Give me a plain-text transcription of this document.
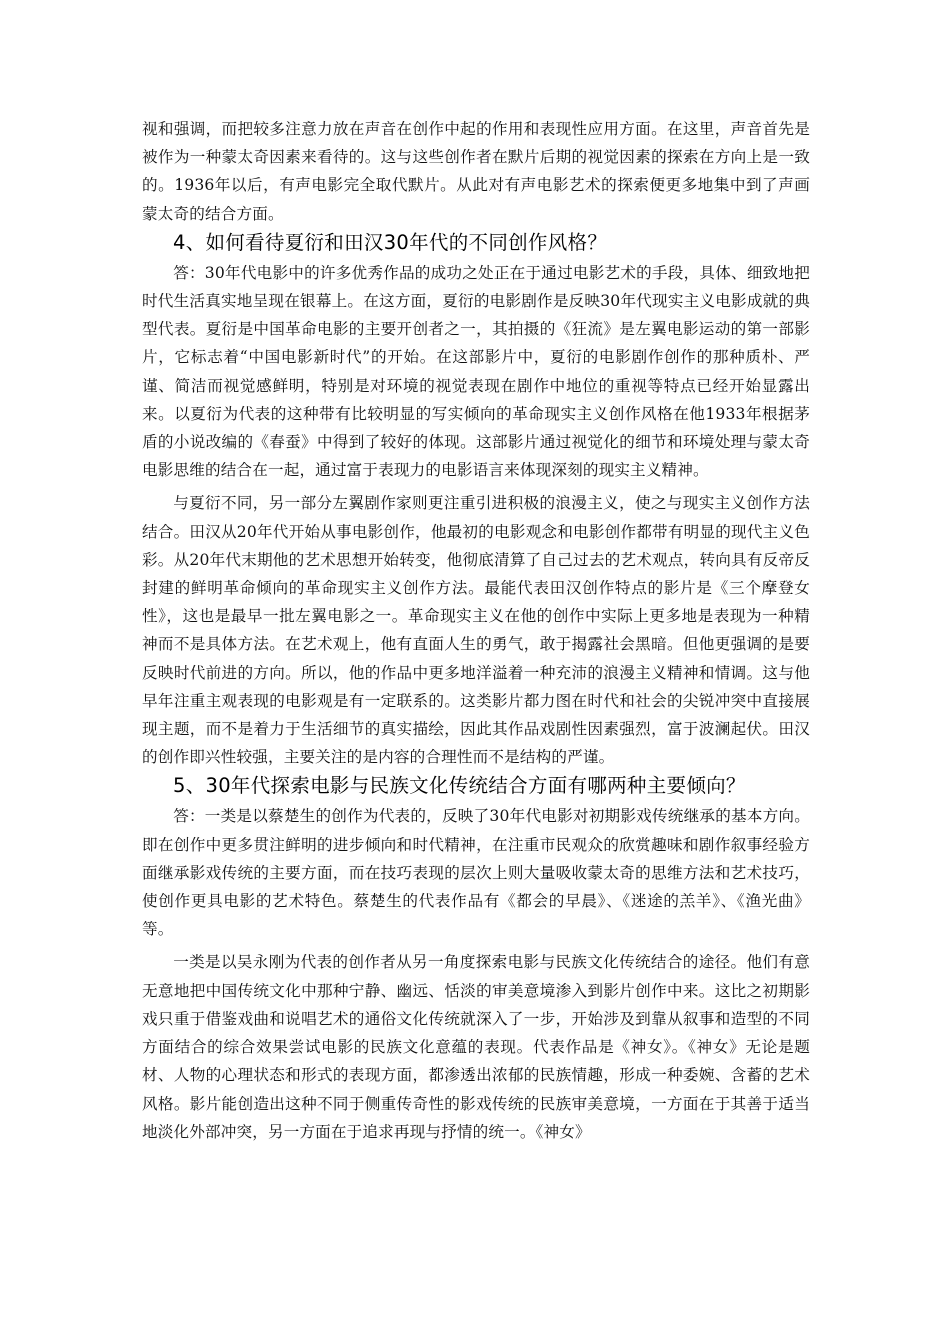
视和强调，而把较多注意力放在声音在创作中起的作用和表现性应用方面。在这里，声音首先是被作为一种蒙太奇因素来看待的。这与这些创作者在默片后期的视觉因素的探索在方向上是一致的。1936年以后，有声电影完全取代默片。从此对有声电影艺术的探索便更多地集中到了声画蒙太奇的结合方面。

4、如何看待夏衍和田汉30年代的不同创作风格？

答：30年代电影中的许多优秀作品的成功之处正在于通过电影艺术的手段，具体、细致地把时代生活真实地呈现在银幕上。在这方面，夏衍的电影剧作是反映30年代现实主义电影成就的典型代表。夏衍是中国革命电影的主要开创者之一，其拍摄的《狂流》是左翼电影运动的第一部影片，它标志着“中国电影新时代”的开始。在这部影片中，夏衍的电影剧作创作的那种质朴、严谨、简洁而视觉感鲜明，特别是对环境的视觉表现在剧作中地位的重视等特点已经开始显露出来。以夏衍为代表的这种带有比较明显的写实倾向的革命现实主义创作风格在他1933年根据茅盾的小说改编的《春蚕》中得到了较好的体现。这部影片通过视觉化的细节和环境处理与蒙太奇电影思维的结合在一起，通过富于表现力的电影语言来体现深刻的现实主义精神。

与夏衍不同，另一部分左翼剧作家则更注重引进积极的浪漫主义，使之与现实主义创作方法结合。田汉从20年代开始从事电影创作，他最初的电影观念和电影创作都带有明显的现代主义色彩。从20年代末期他的艺术思想开始转变，他彻底清算了自己过去的艺术观点，转向具有反帝反封建的鲜明革命倾向的革命现实主义创作方法。最能代表田汉创作特点的影片是《三个摩登女性》，这也是最早一批左翼电影之一。革命现实主义在他的创作中实际上更多地是表现为一种精神而不是具体方法。在艺术观上，他有直面人生的勇气，敢于揭露社会黑暗。但他更强调的是要反映时代前进的方向。所以，他的作品中更多地洋溢着一种充沛的浪漫主义精神和情调。这与他早年注重主观表现的电影观是有一定联系的。这类影片都力图在时代和社会的尖锐冲突中直接展现主题，而不是着力于生活细节的真实描绘，因此其作品戏剧性因素强烈，富于波澜起伏。田汉的创作即兴性较强，主要关注的是内容的合理性而不是结构的严谨。

5、30年代探索电影与民族文化传统结合方面有哪两种主要倾向？

答：一类是以蔡楚生的创作为代表的，反映了30年代电影对初期影戏传统继承的基本方向。即在创作中更多贯注鲜明的进步倾向和时代精神，在注重市民观众的欣赏趣味和剧作叙事经验方面继承影戏传统的主要方面，而在技巧表现的层次上则大量吸收蒙太奇的思维方法和艺术技巧，使创作更具电影的艺术特色。蔡楚生的代表作品有《都会的早晨》、《迷途的羔羊》、《渔光曲》等。

一类是以吴永刚为代表的创作者从另一角度探索电影与民族文化传统结合的途径。他们有意无意地把中国传统文化中那种宁静、幽远、恬淡的审美意境渗入到影片创作中来。这比之初期影戏只重于借鉴戏曲和说唱艺术的通俗文化传统就深入了一步，开始涉及到靠从叙事和造型的不同方面结合的综合效果尝试电影的民族文化意蕴的表现。代表作品是《神女》。《神女》无论是题材、人物的心理状态和形式的表现方面，都渗透出浓郁的民族情趣，形成一种委婉、含蓄的艺术风格。影片能创造出这种不同于侧重传奇性的影戏传统的民族审美意境，一方面在于其善于适当地淡化外部冲突，另一方面在于追求再现与抒情的统一。《神女》
